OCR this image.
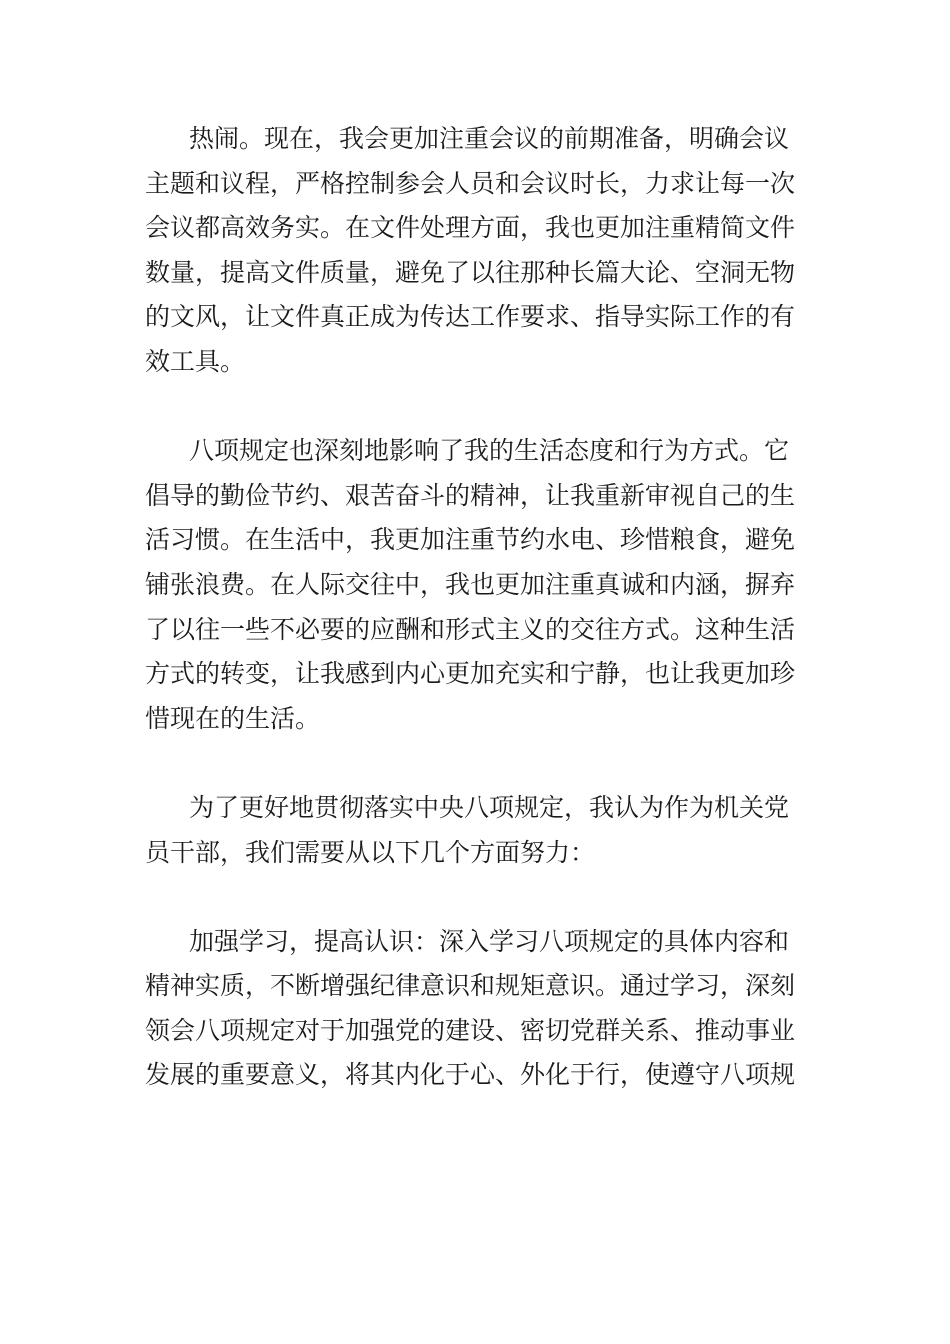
热闹。现在，我会更加注重会议的前期准备，明确会议主题和议程，严格控制参会人员和会议时长，力求让每一次会议都高效务实。在文件处理方面，我也更加注重精简文件数量，提高文件质量，避免了以往那种长篇大论、空洞无物的文风，让文件真正成为传达工作要求、指导实际工作的有效工具。

八项规定也深刻地影响了我的生活态度和行为方式。它倡导的勤俭节约、艰苦奋斗的精神，让我重新审视自己的生活习惯。在生活中，我更加注重节约水电、珍惜粮食，避免铺张浪费。在人际交往中，我也更加注重真诚和内涵，摒弃了以往一些不必要的应酬和形式主义的交往方式。这种生活方式的转变，让我感到内心更加充实和宁静，也让我更加珍惜现在的生活。

为了更好地贯彻落实中央八项规定，我认为作为机关党员干部，我们需要从以下几个方面努力：

加强学习，提高认识：深入学习八项规定的具体内容和精神实质，不断增强纪律意识和规矩意识。通过学习，深刻领会八项规定对于加强党的建设、密切党群关系、推动事业发展的重要意义，将其内化于心、外化于行，使遵守八项规
